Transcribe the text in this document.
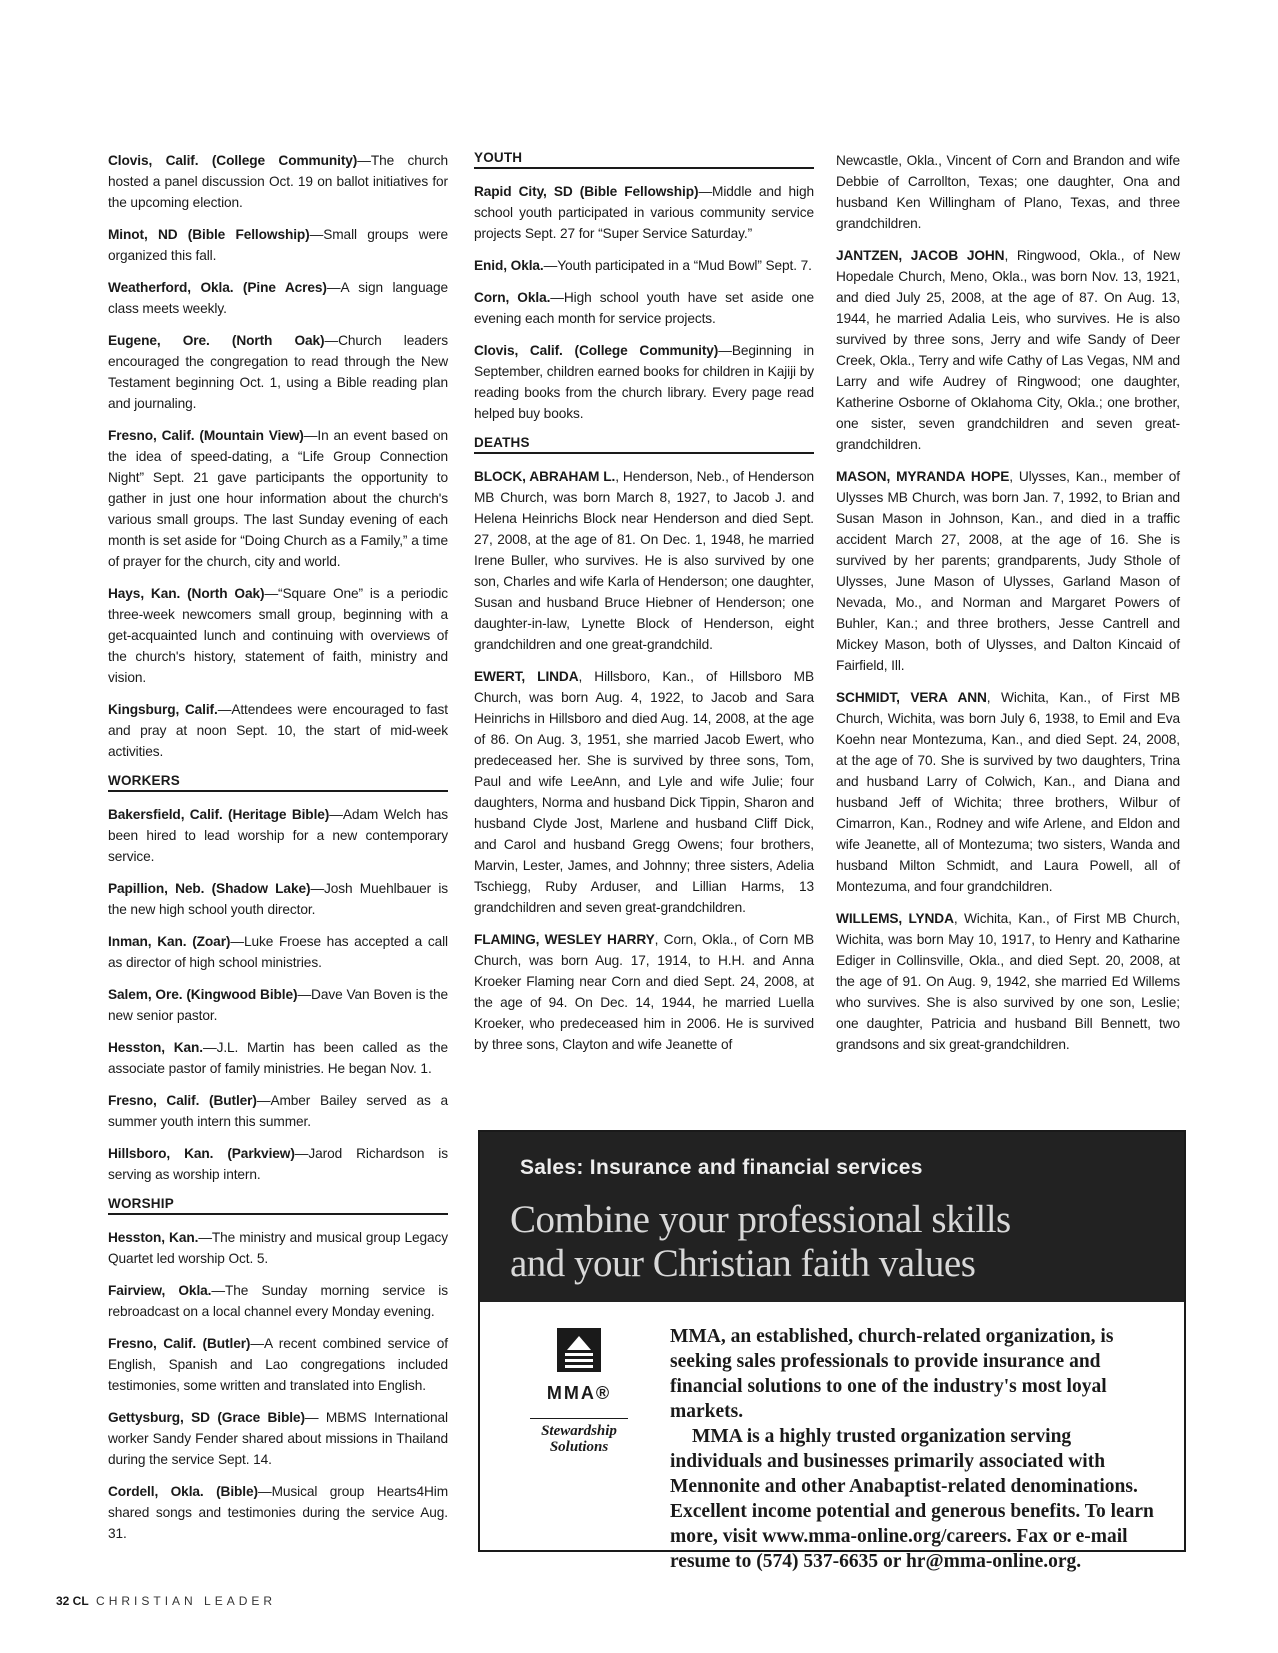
Clovis, Calif. (College Community)—The church hosted a panel discussion Oct. 19 on ballot initiatives for the upcoming election.

Minot, ND (Bible Fellowship)—Small groups were organized this fall.

Weatherford, Okla. (Pine Acres)—A sign language class meets weekly.

Eugene, Ore. (North Oak)—Church leaders encouraged the congregation to read through the New Testament beginning Oct. 1, using a Bible reading plan and journaling.

Fresno, Calif. (Mountain View)—In an event based on the idea of speed-dating, a “Life Group Connection Night” Sept. 21 gave participants the opportunity to gather in just one hour information about the church's various small groups. The last Sunday evening of each month is set aside for “Doing Church as a Family,” a time of prayer for the church, city and world.

Hays, Kan. (North Oak)—“Square One” is a periodic three-week newcomers small group, beginning with a get-acquainted lunch and continuing with overviews of the church's history, statement of faith, ministry and vision.

Kingsburg, Calif.—Attendees were encouraged to fast and pray at noon Sept. 10, the start of mid-week activities.

WORKERS

Bakersfield, Calif. (Heritage Bible)—Adam Welch has been hired to lead worship for a new contemporary service.

Papillion, Neb. (Shadow Lake)—Josh Muehlbauer is the new high school youth director.

Inman, Kan. (Zoar)—Luke Froese has accepted a call as director of high school ministries.

Salem, Ore. (Kingwood Bible)—Dave Van Boven is the new senior pastor.

Hesston, Kan.—J.L. Martin has been called as the associate pastor of family ministries. He began Nov. 1.

Fresno, Calif. (Butler)—Amber Bailey served as a summer youth intern this summer.

Hillsboro, Kan. (Parkview)—Jarod Richardson is serving as worship intern.

WORSHIP

Hesston, Kan.—The ministry and musical group Legacy Quartet led worship Oct. 5.

Fairview, Okla.—The Sunday morning service is rebroadcast on a local channel every Monday evening.

Fresno, Calif. (Butler)—A recent combined service of English, Spanish and Lao congregations included testimonies, some written and translated into English.

Gettysburg, SD (Grace Bible)— MBMS International worker Sandy Fender shared about missions in Thailand during the service Sept. 14.

Cordell, Okla. (Bible)—Musical group Hearts4Him shared songs and testimonies during the service Aug. 31.

YOUTH

Rapid City, SD (Bible Fellowship)—Middle and high school youth participated in various community service projects Sept. 27 for “Super Service Saturday.”

Enid, Okla.—Youth participated in a “Mud Bowl” Sept. 7.

Corn, Okla.—High school youth have set aside one evening each month for service projects.

Clovis, Calif. (College Community)—Beginning in September, children earned books for children in Kajiji by reading books from the church library. Every page read helped buy books.

DEATHS

BLOCK, ABRAHAM L., Henderson, Neb., of Henderson MB Church, was born March 8, 1927, to Jacob J. and Helena Heinrichs Block near Henderson and died Sept. 27, 2008, at the age of 81. On Dec. 1, 1948, he married Irene Buller, who survives. He is also survived by one son, Charles and wife Karla of Henderson; one daughter, Susan and husband Bruce Hiebner of Henderson; one daughter-in-law, Lynette Block of Henderson, eight grandchildren and one great-grandchild.

EWERT, LINDA, Hillsboro, Kan., of Hillsboro MB Church, was born Aug. 4, 1922, to Jacob and Sara Heinrichs in Hillsboro and died Aug. 14, 2008, at the age of 86. On Aug. 3, 1951, she married Jacob Ewert, who predeceased her. She is survived by three sons, Tom, Paul and wife LeeAnn, and Lyle and wife Julie; four daughters, Norma and husband Dick Tippin, Sharon and husband Clyde Jost, Marlene and husband Cliff Dick, and Carol and husband Gregg Owens; four brothers, Marvin, Lester, James, and Johnny; three sisters, Adelia Tschiegg, Ruby Arduser, and Lillian Harms, 13 grandchildren and seven great-grandchildren.

FLAMING, WESLEY HARRY, Corn, Okla., of Corn MB Church, was born Aug. 17, 1914, to H.H. and Anna Kroeker Flaming near Corn and died Sept. 24, 2008, at the age of 94. On Dec. 14, 1944, he married Luella Kroeker, who predeceased him in 2006. He is survived by three sons, Clayton and wife Jeanette of

Newcastle, Okla., Vincent of Corn and Brandon and wife Debbie of Carrollton, Texas; one daughter, Ona and husband Ken Willingham of Plano, Texas, and three grandchildren.

JANTZEN, JACOB JOHN, Ringwood, Okla., of New Hopedale Church, Meno, Okla., was born Nov. 13, 1921, and died July 25, 2008, at the age of 87. On Aug. 13, 1944, he married Adalia Leis, who survives. He is also survived by three sons, Jerry and wife Sandy of Deer Creek, Okla., Terry and wife Cathy of Las Vegas, NM and Larry and wife Audrey of Ringwood; one daughter, Katherine Osborne of Oklahoma City, Okla.; one brother, one sister, seven grandchildren and seven great-grandchildren.

MASON, MYRANDA HOPE, Ulysses, Kan., member of Ulysses MB Church, was born Jan. 7, 1992, to Brian and Susan Mason in Johnson, Kan., and died in a traffic accident March 27, 2008, at the age of 16. She is survived by her parents; grandparents, Judy Sthole of Ulysses, June Mason of Ulysses, Garland Mason of Nevada, Mo., and Norman and Margaret Powers of Buhler, Kan.; and three brothers, Jesse Cantrell and Mickey Mason, both of Ulysses, and Dalton Kincaid of Fairfield, Ill.

SCHMIDT, VERA ANN, Wichita, Kan., of First MB Church, Wichita, was born July 6, 1938, to Emil and Eva Koehn near Montezuma, Kan., and died Sept. 24, 2008, at the age of 70. She is survived by two daughters, Trina and husband Larry of Colwich, Kan., and Diana and husband Jeff of Wichita; three brothers, Wilbur of Cimarron, Kan., Rodney and wife Arlene, and Eldon and wife Jeanette, all of Montezuma; two sisters, Wanda and husband Milton Schmidt, and Laura Powell, all of Montezuma, and four grandchildren.

WILLEMS, LYNDA, Wichita, Kan., of First MB Church, Wichita, was born May 10, 1917, to Henry and Katharine Ediger in Collinsville, Okla., and died Sept. 20, 2008, at the age of 91. On Aug. 9, 1942, she married Ed Willems who survives. She is also survived by one son, Leslie; one daughter, Patricia and husband Bill Bennett, two grandsons and six great-grandchildren.

Sales: Insurance and financial services
Combine your professional skills
and your Christian faith values
MMA®
Stewardship
Solutions

MMA, an established, church-related organization, is seeking sales professionals to provide insurance and financial solutions to one of the industry's most loyal markets.

MMA is a highly trusted organization serving individuals and businesses primarily associated with Mennonite and other Anabaptist-related denominations. Excellent income potential and generous benefits. To learn more, visit www.mma-online.org/careers. Fax or e-mail resume to (574) 537-6635 or hr@mma-online.org.

32 CL CHRISTIAN LEADER
